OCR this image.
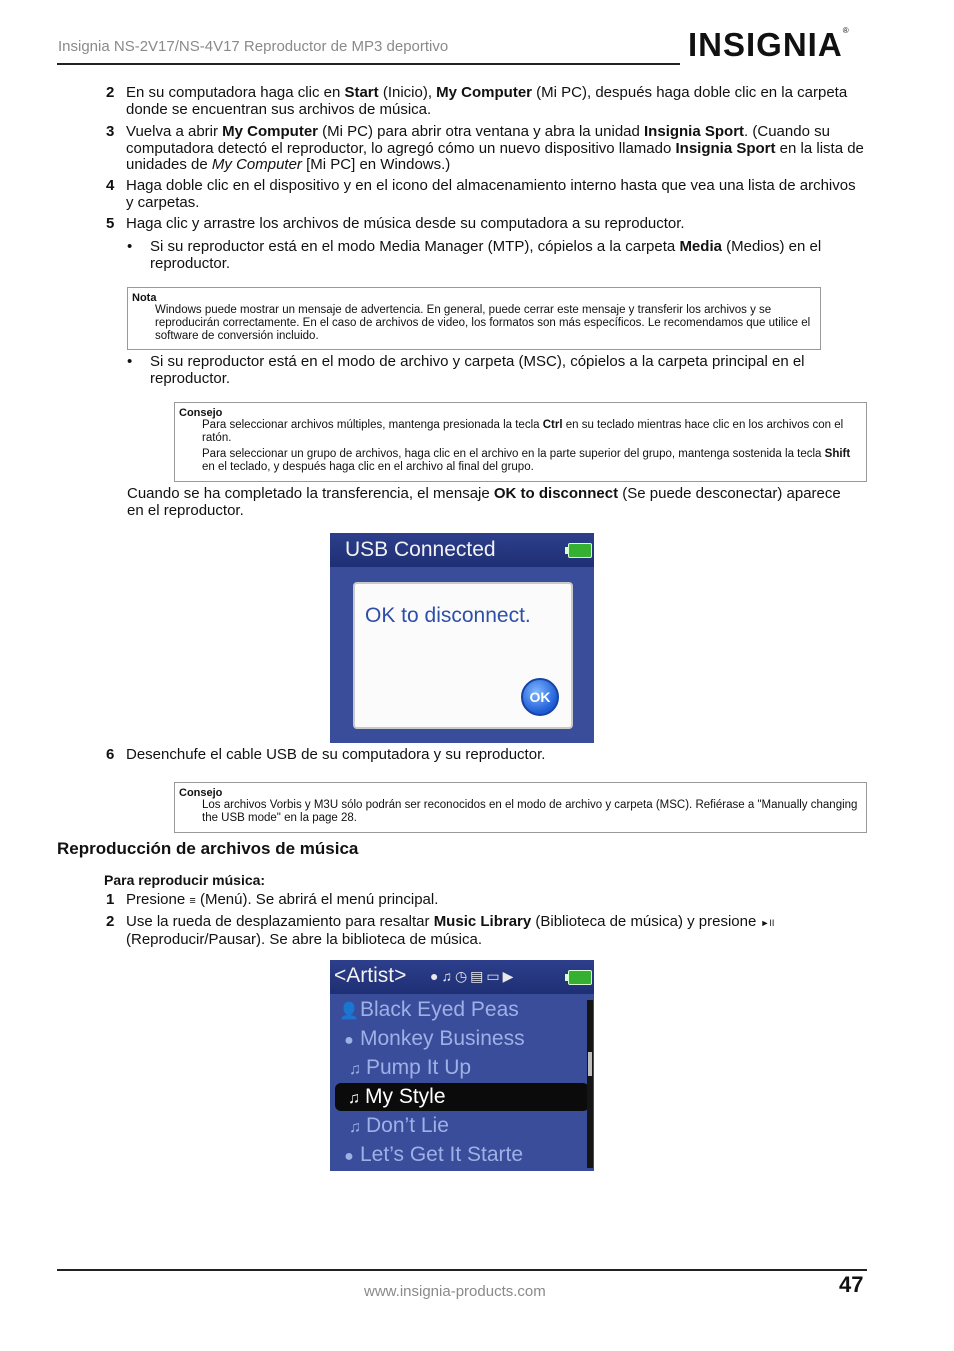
Insignia NS-2V17/NS-4V17 Reproductor de MP3 deportivo	INSIGNIA®
2 En su computadora haga clic en Start (Inicio), My Computer (Mi PC), después haga doble clic en la carpeta donde se encuentran sus archivos de música.
3 Vuelva a abrir My Computer (Mi PC) para abrir otra ventana y abra la unidad Insignia Sport. (Cuando su computadora detectó el reproductor, lo agregó cómo un nuevo dispositivo llamado Insignia Sport en la lista de unidades de My Computer [Mi PC] en Windows.)
4 Haga doble clic en el dispositivo y en el icono del almacenamiento interno hasta que vea una lista de archivos y carpetas.
5 Haga clic y arrastre los archivos de música desde su computadora a su reproductor.
• Si su reproductor está en el modo Media Manager (MTP), cópielos a la carpeta Media (Medios) en el reproductor.
Nota
Windows puede mostrar un mensaje de advertencia. En general, puede cerrar este mensaje y transferir los archivos y se reproducirán correctamente. En el caso de archivos de video, los formatos son más específicos. Le recomendamos que utilice el software de conversión incluido.
• Si su reproductor está en el modo de archivo y carpeta (MSC), cópielos a la carpeta principal en el reproductor.
Consejo
Para seleccionar archivos múltiples, mantenga presionada la tecla Ctrl en su teclado mientras hace clic en los archivos con el ratón.
Para seleccionar un grupo de archivos, haga clic en el archivo en la parte superior del grupo, mantenga sostenida la tecla Shift en el teclado, y después haga clic en el archivo al final del grupo.
Cuando se ha completado la transferencia, el mensaje OK to disconnect (Se puede desconectar) aparece en el reproductor.
USB Connected
OK to disconnect.
OK
6 Desenchufe el cable USB de su computadora y su reproductor.
Consejo
Los archivos Vorbis y M3U sólo podrán ser reconocidos en el modo de archivo y carpeta (MSC). Refiérase a "Manually changing the USB mode" en la page 28.
Reproducción de archivos de música
Para reproducir música:
1 Presione ≡ (Menú). Se abrirá el menú principal.
2 Use la rueda de desplazamiento para resaltar Music Library (Biblioteca de música) y presione ►II (Reproducir/Pausar). Se abre la biblioteca de música.
<Artist> ●♫◷▤▭▶
👤Black Eyed Peas
● Monkey Business
♫ Pump It Up
♫ My Style
♫ Don’t Lie
● Let’s Get It Starte
www.insignia-products.com	47
